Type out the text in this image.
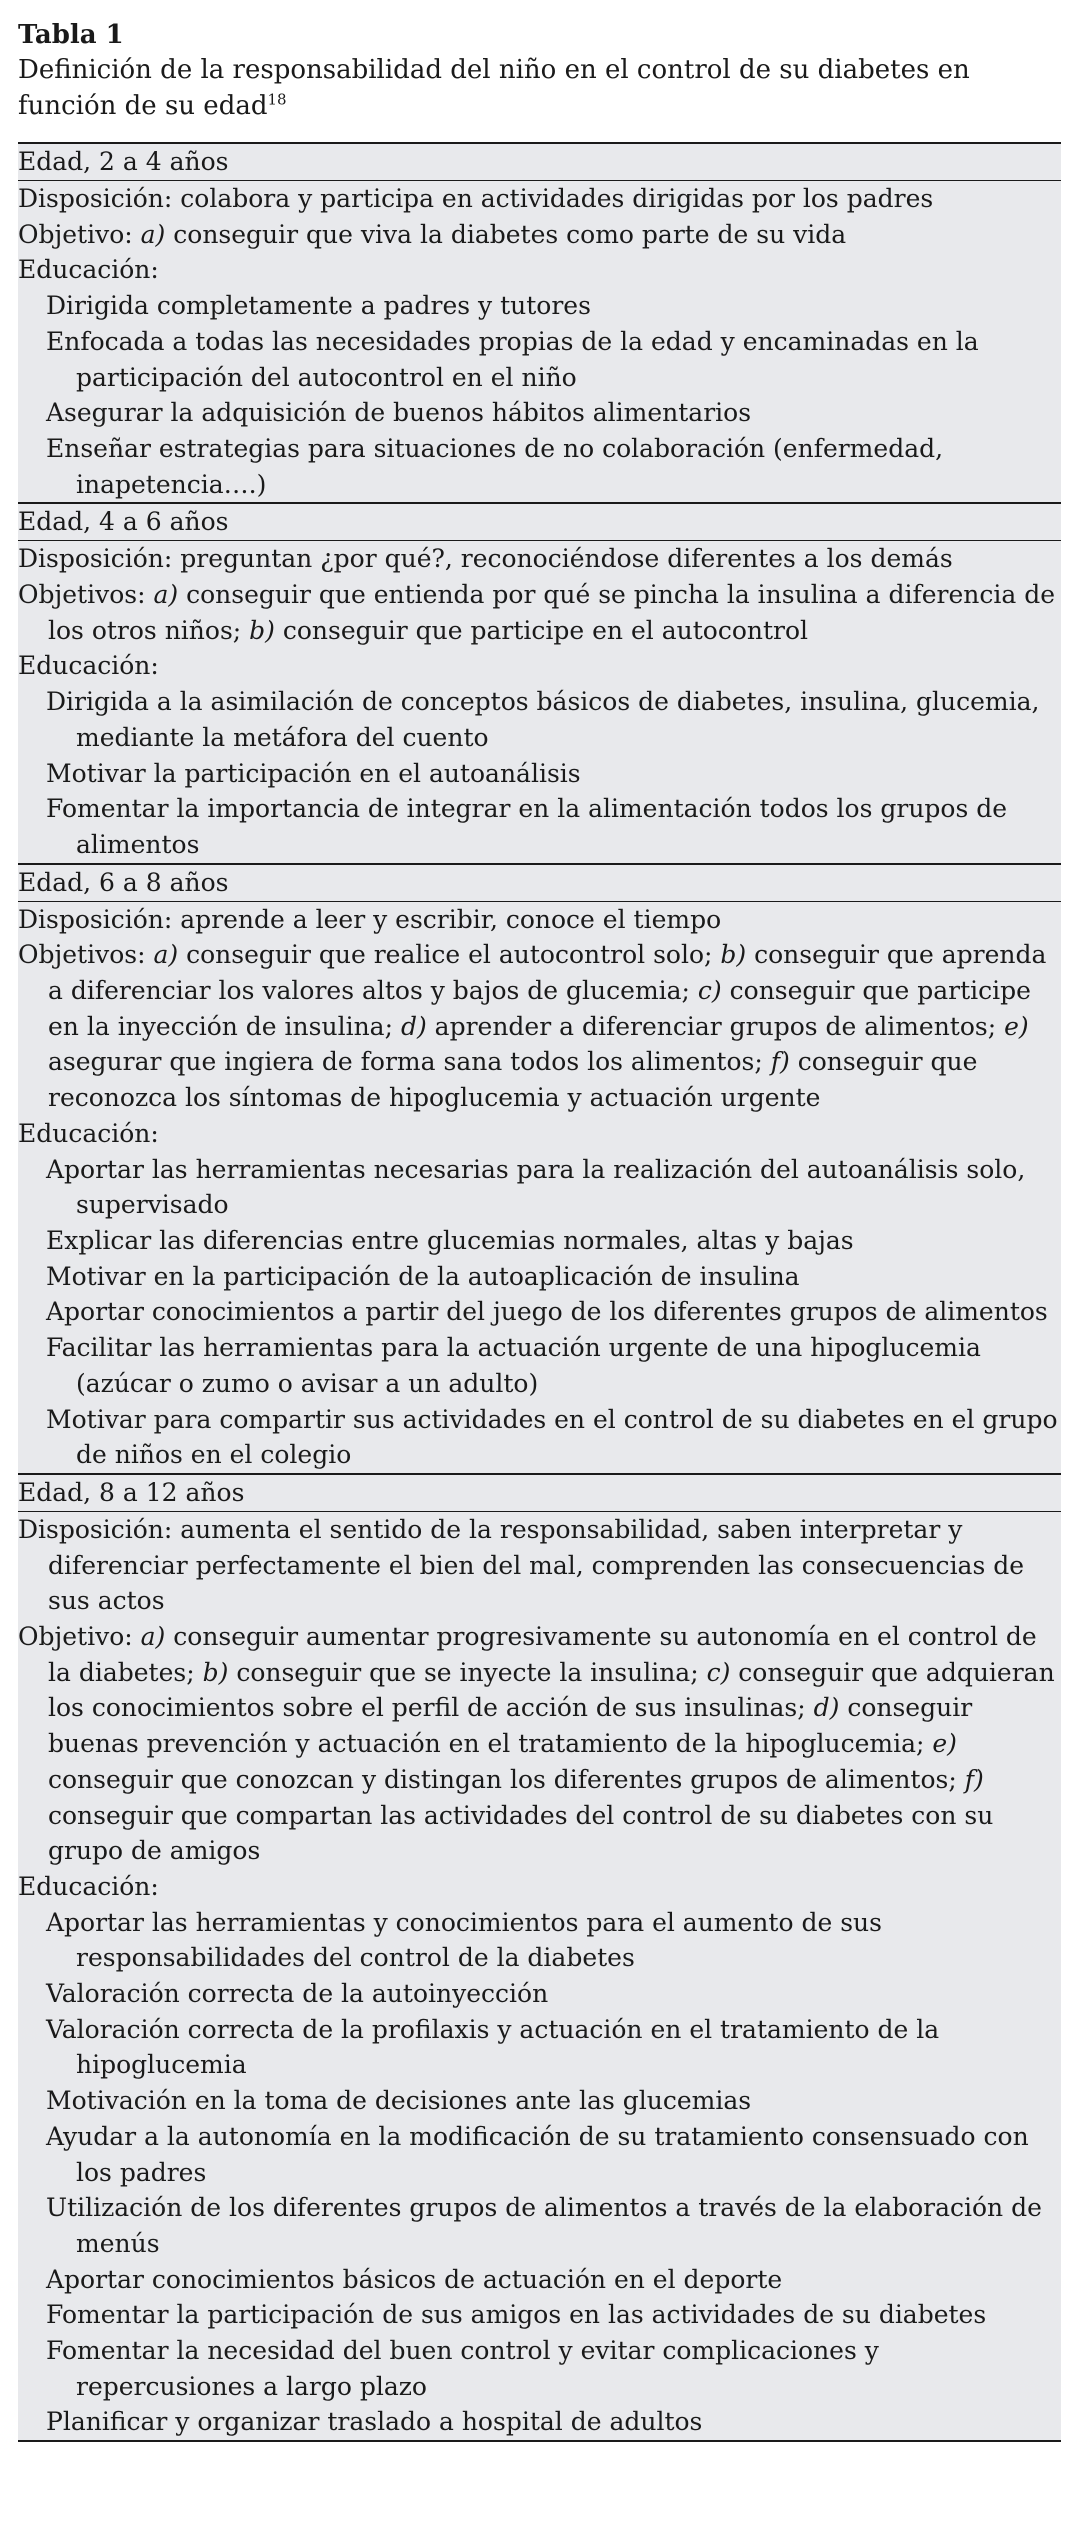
Tabla 1
Definición de la responsabilidad del niño en el control de su diabetes en función de su edad$^{18}$
Edad, 2 a 4 años

Disposición: colabora y participa en actividades dirigidas por los padres
Objetivo: a) conseguir que viva la diabetes como parte de su vida
Educación:
Dirigida completamente a padres y tutores
Enfocada a todas las necesidades propias de la edad y encaminadas en la participación del autocontrol en el niño
Asegurar la adquisición de buenos hábitos alimentarios
Enseñar estrategias para situaciones de no colaboración (enfermedad, inapetencia….)

Edad, 4 a 6 años

Disposición: preguntan ¿por qué?, reconociéndose diferentes a los demás
Objetivos: a) conseguir que entienda por qué se pincha la insulina a diferencia de los otros niños; b) conseguir que participe en el autocontrol
Educación:
Dirigida a la asimilación de conceptos básicos de diabetes, insulina, glucemia, mediante la metáfora del cuento
Motivar la participación en el autoanálisis
Fomentar la importancia de integrar en la alimentación todos los grupos de alimentos

Edad, 6 a 8 años

Disposición: aprende a leer y escribir, conoce el tiempo
Objetivos: a) conseguir que realice el autocontrol solo; b) conseguir que aprenda a diferenciar los valores altos y bajos de glucemia; c) conseguir que participe en la inyección de insulina; d) aprender a diferenciar grupos de alimentos; e) asegurar que ingiera de forma sana todos los alimentos; f) conseguir que reconozca los síntomas de hipoglucemia y actuación urgente
Educación:
Aportar las herramientas necesarias para la realización del autoanálisis solo, supervisado
Explicar las diferencias entre glucemias normales, altas y bajas
Motivar en la participación de la autoaplicación de insulina
Aportar conocimientos a partir del juego de los diferentes grupos de alimentos
Facilitar las herramientas para la actuación urgente de una hipoglucemia (azúcar o zumo o avisar a un adulto)
Motivar para compartir sus actividades en el control de su diabetes en el grupo de niños en el colegio

Edad, 8 a 12 años

Disposición: aumenta el sentido de la responsabilidad, saben interpretar y diferenciar perfectamente el bien del mal, comprenden las consecuencias de sus actos
Objetivo: a) conseguir aumentar progresivamente su autonomía en el control de la diabetes; b) conseguir que se inyecte la insulina; c) conseguir que adquieran los conocimientos sobre el perfil de acción de sus insulinas; d) conseguir buenas prevención y actuación en el tratamiento de la hipoglucemia; e) conseguir que conozcan y distingan los diferentes grupos de alimentos; f) conseguir que compartan las actividades del control de su diabetes con su grupo de amigos
Educación:
Aportar las herramientas y conocimientos para el aumento de sus responsabilidades del control de la diabetes
Valoración correcta de la autoinyección
Valoración correcta de la profilaxis y actuación en el tratamiento de la hipoglucemia
Motivación en la toma de decisiones ante las glucemias
Ayudar a la autonomía en la modificación de su tratamiento consensuado con los padres
Utilización de los diferentes grupos de alimentos a través de la elaboración de menús
Aportar conocimientos básicos de actuación en el deporte
Fomentar la participación de sus amigos en las actividades de su diabetes
Fomentar la necesidad del buen control y evitar complicaciones y repercusiones a largo plazo
Planificar y organizar traslado a hospital de adultos
